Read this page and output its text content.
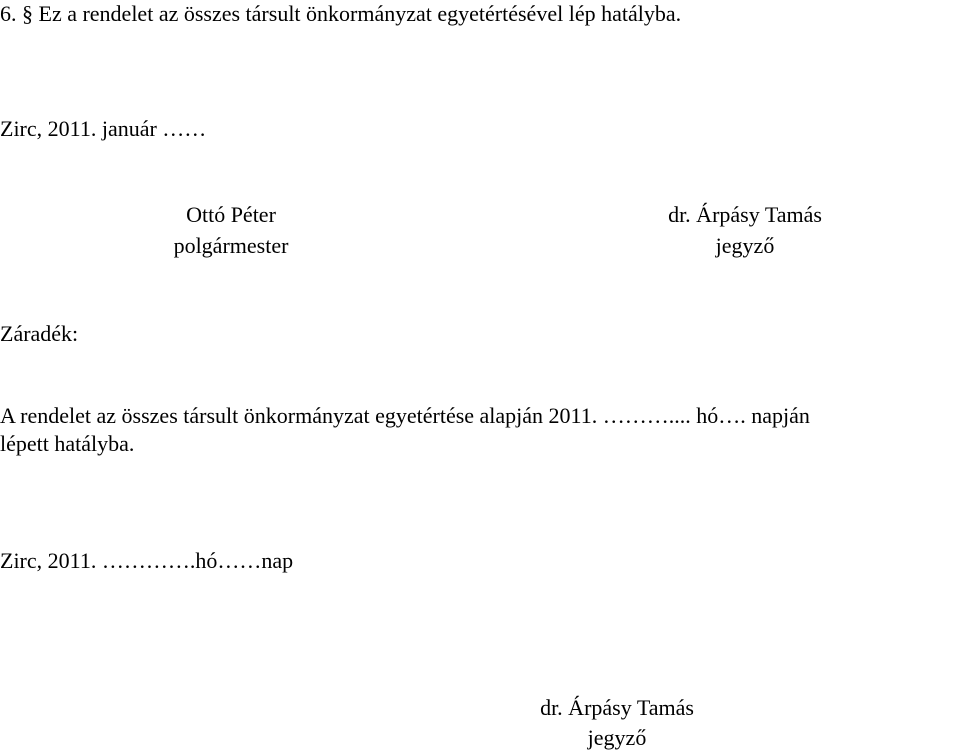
6. § Ez a rendelet az összes társult önkormányzat egyetértésével lép hatályba.
Zirc, 2011. január ……
Ottó Péter
polgármester
dr. Árpásy Tamás
jegyző
Záradék:
A rendelet az összes társult önkormányzat egyetértése alapján 2011. ……….... hó…. napján
lépett hatályba.
Zirc, 2011. ………….hó……nap
dr. Árpásy Tamás
jegyző
